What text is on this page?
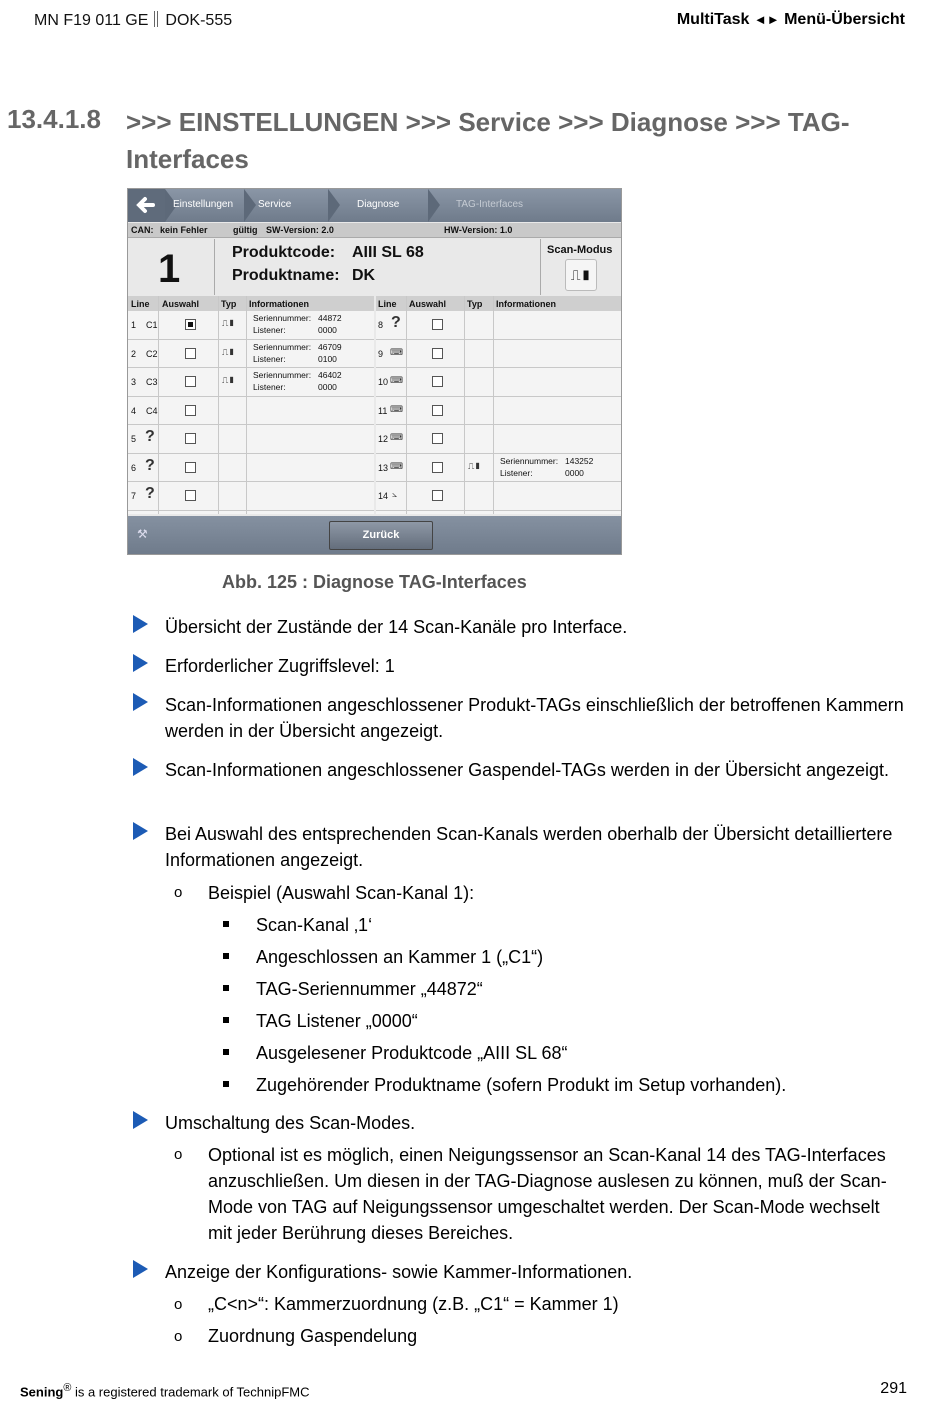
MN F19 011 GE DOK-555	MultiTask ◄► Menü-Übersicht
13.4.1.8 >>> EINSTELLUNGEN >>> Service >>> Diagnose >>> TAG-Interfaces
Einstellungen Service	Diagnose	TAG-Interfaces
CAN: kein Fehler	gültig SW-Version: 2.0	HW-Version: 1.0
1	Produktcode: AIII SL 68
Produktname: DK
Scan-Modus
⎍▮
Line Auswahl Typ Informationen
1 C1	⎍▮ Seriennummer: 44872
Listener:	0000
2 C2	⎍▮ Seriennummer: 46709
Listener:	0100
3 C3	⎍▮ Seriennummer: 46402
Listener:	0000
4 C4
5 ?
6 ?
7 ?
Line Auswahl Typ Informationen
8 ?
9 ⌨
10 ⌨
11 ⌨
12 ⌨
13 ⌨	⎍▮ Seriennummer: 143252
Listener:	0000
14 ⦣
⚒	Zurück
Abb. 125 : Diagnose TAG-Interfaces
Übersicht der Zustände der 14 Scan-Kanäle pro Interface.
Erforderlicher Zugriffslevel: 1
Scan-Informationen angeschlossener Produkt-TAGs einschließlich der betroffenen Kammern werden in der Übersicht angezeigt.
Scan-Informationen angeschlossener Gaspendel-TAGs werden in der Übersicht angezeigt.
Bei Auswahl des entsprechenden Scan-Kanals werden oberhalb der Übersicht detailliertere Informationen angezeigt.
o Beispiel (Auswahl Scan-Kanal 1):
Scan-Kanal ‚1‘
Angeschlossen an Kammer 1 („C1“)
TAG-Seriennummer „44872“
TAG Listener „0000“
Ausgelesener Produktcode „AIII SL 68“
Zugehörender Produktname (sofern Produkt im Setup vorhanden).
Umschaltung des Scan-Modes.
o Optional ist es möglich, einen Neigungssensor an Scan-Kanal 14 des TAG-Interfaces anzuschließen. Um diesen in der TAG-Diagnose auslesen zu können, muß der Scan-Mode von TAG auf Neigungssensor umgeschaltet werden. Der Scan-Mode wechselt mit jeder Berührung dieses Bereiches.
Anzeige der Konfigurations- sowie Kammer-Informationen.
o „C<n>“: Kammerzuordnung (z.B. „C1“ = Kammer 1)
o Zuordnung Gaspendelung
Sening® is a registered trademark of TechnipFMC	291
